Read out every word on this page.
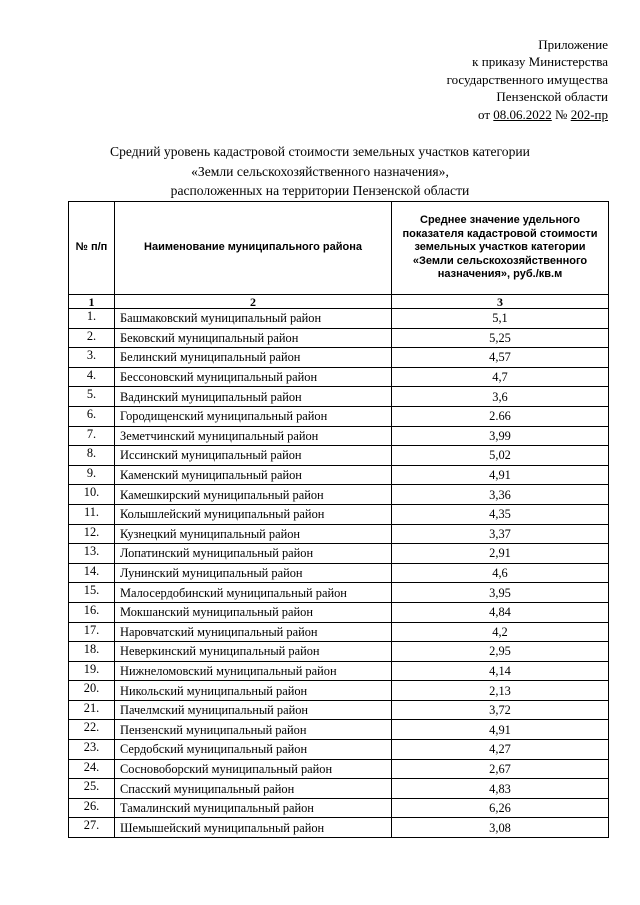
Приложение
к приказу Министерства
государственного имущества
Пензенской области
от 08.06.2022 № 202-пр
Средний уровень кадастровой стоимости земельных участков категории
«Земли сельскохозяйственного назначения»,
расположенных на территории Пензенской области
№ п/п	Наименование муниципального района	Среднее значение удельного показателя кадастровой стоимости земельных участков категории «Земли сельскохозяйственного назначения», руб./кв.м
1	2	3
1.	Башмаковский муниципальный район	5,1
2.	Бековский муниципальный район	5,25
3.	Белинский муниципальный район	4,57
4.	Бессоновский муниципальный район	4,7
5.	Вадинский муниципальный район	3,6
6.	Городищенский муниципальный район	2.66
7.	Земетчинский муниципальный район	3,99
8.	Иссинский муниципальный район	5,02
9.	Каменский муниципальный район	4,91
10.	Камешкирский муниципальный район	3,36
11.	Колышлейский муниципальный район	4,35
12.	Кузнецкий муниципальный район	3,37
13.	Лопатинский муниципальный район	2,91
14.	Лунинский муниципальный район	4,6
15.	Малосердобинский муниципальный район	3,95
16.	Мокшанский муниципальный район	4,84
17.	Наровчатский муниципальный район	4,2
18.	Неверкинский муниципальный район	2,95
19.	Нижнеломовский муниципальный район	4,14
20.	Никольский муниципальный район	2,13
21.	Пачелмский муниципальный район	3,72
22.	Пензенский муниципальный район	4,91
23.	Сердобский муниципальный район	4,27
24.	Сосновоборский муниципальный район	2,67
25.	Спасский муниципальный район	4,83
26.	Тамалинский муниципальный район	6,26
27.	Шемышейский муниципальный район	3,08
